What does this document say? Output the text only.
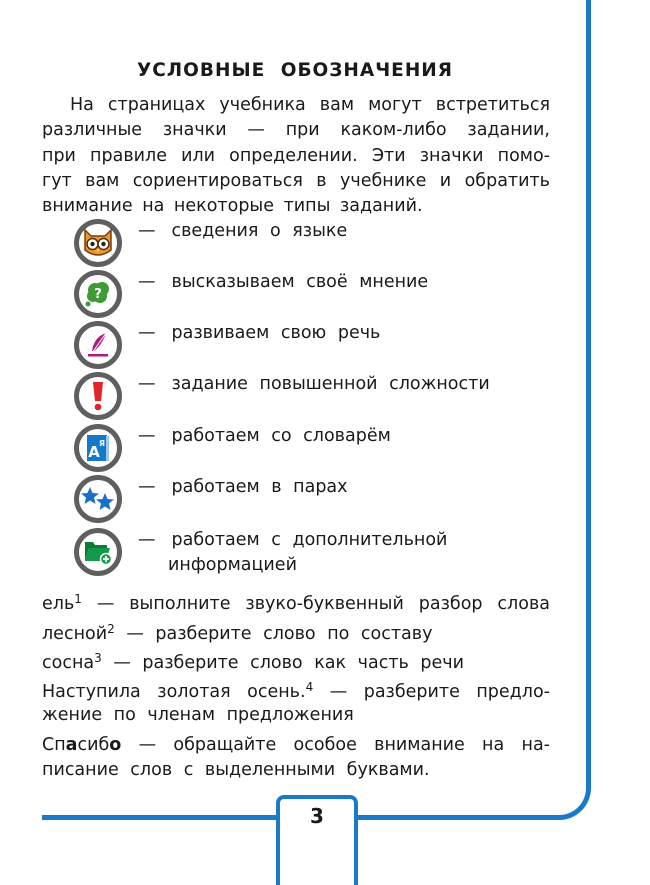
УСЛОВНЫЕ ОБОЗНАЧЕНИЯ
На страницах учебника вам могут встретиться
различные значки — при каком-либо задании,
при правиле или определении. Эти значки помо-
гут вам сориентироваться в учебнике и обратить
внимание на некоторые типы заданий.
— сведения о языке
?
— высказываем своё мнение
— развиваем свою речь
— задание повышенной сложности
A Я — работаем со словарём
— работаем в парах
— работаем с дополнительной
информацией
ель$^1$ — выполните звуко-буквенный разбор слова
лесной$^2$ — разберите слово по составу
сосна$^3$ — разберите слово как часть речи
Наступила золотая осень.$^4$ — разберите предло-
жение по членам предложения
Спасибо — обращайте особое внимание на на-
писание слов с выделенными буквами.
3
